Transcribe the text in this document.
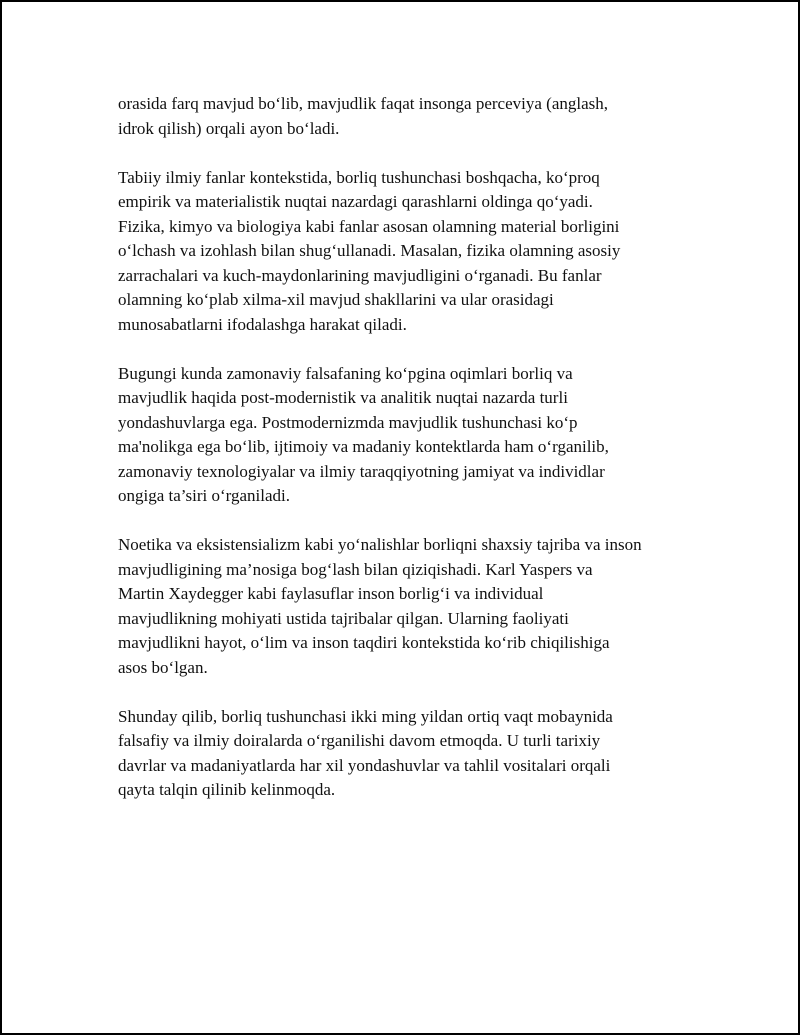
orasida farq mavjud bo‘lib, mavjudlik faqat insonga perceviya (anglash,
idrok qilish) orqali ayon bo‘ladi.

Tabiiy ilmiy fanlar kontekstida, borliq tushunchasi boshqacha, ko‘proq
empirik va materialistik nuqtai nazardagi qarashlarni oldinga qo‘yadi.
Fizika, kimyo va biologiya kabi fanlar asosan olamning material borligini
o‘lchash va izohlash bilan shug‘ullanadi. Masalan, fizika olamning asosiy
zarrachalari va kuch-maydonlarining mavjudligini o‘rganadi. Bu fanlar
olamning ko‘plab xilma-xil mavjud shakllarini va ular orasidagi
munosabatlarni ifodalashga harakat qiladi.

Bugungi kunda zamonaviy falsafaning ko‘pgina oqimlari borliq va
mavjudlik haqida post-modernistik va analitik nuqtai nazarda turli
yondashuvlarga ega. Postmodernizmda mavjudlik tushunchasi ko‘p
ma'nolikga ega bo‘lib, ijtimoiy va madaniy kontektlarda ham o‘rganilib,
zamonaviy texnologiyalar va ilmiy taraqqiyotning jamiyat va individlar
ongiga ta’siri o‘rganiladi.

Noetika va eksistensializm kabi yo‘nalishlar borliqni shaxsiy tajriba va inson
mavjudligining ma’nosiga bog‘lash bilan qiziqishadi. Karl Yaspers va
Martin Xaydegger kabi faylasuflar inson borlig‘i va individual
mavjudlikning mohiyati ustida tajribalar qilgan. Ularning faoliyati
mavjudlikni hayot, o‘lim va inson taqdiri kontekstida ko‘rib chiqilishiga
asos bo‘lgan.

Shunday qilib, borliq tushunchasi ikki ming yildan ortiq vaqt mobaynida
falsafiy va ilmiy doiralarda o‘rganilishi davom etmoqda. U turli tarixiy
davrlar va madaniyatlarda har xil yondashuvlar va tahlil vositalari orqali
qayta talqin qilinib kelinmoqda.
